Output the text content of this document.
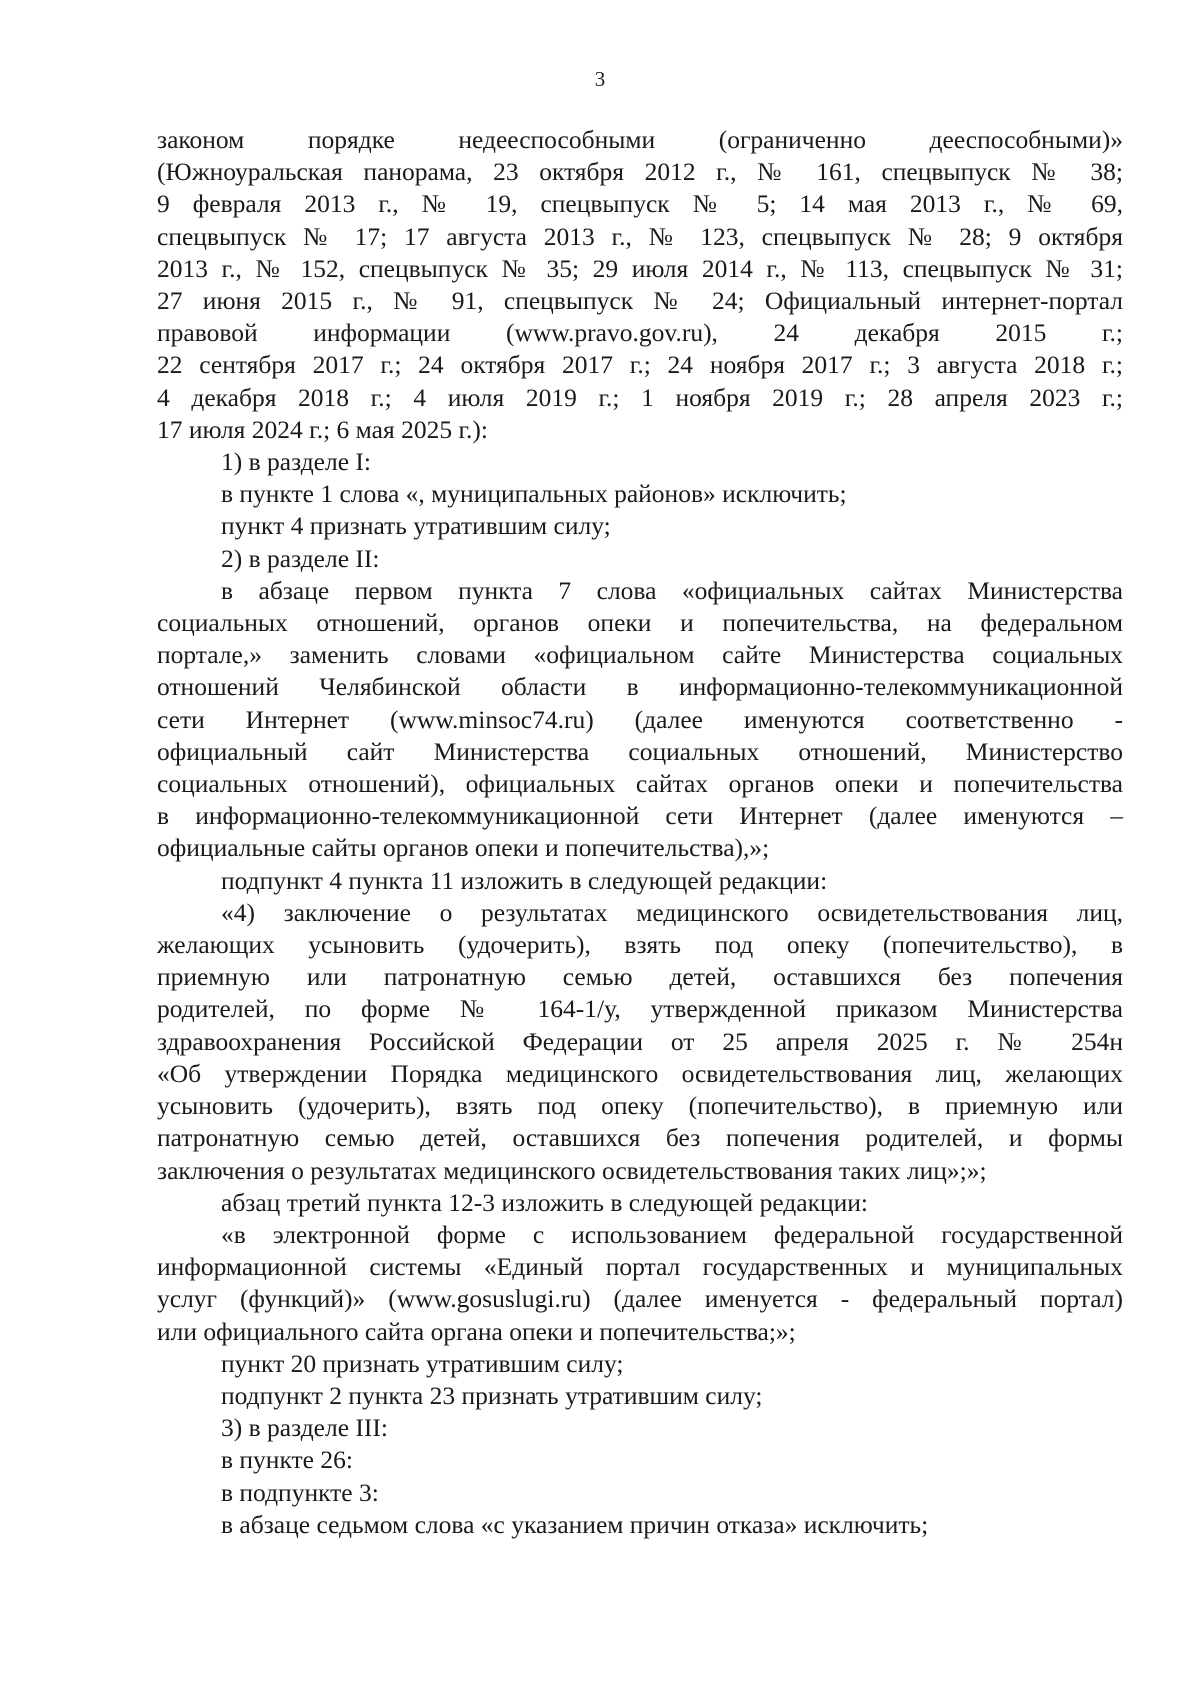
3

законом порядке недееспособными (ограниченно дееспособными)»

(Южноуральская панорама, 23 октября 2012 г., № 161, спецвыпуск № 38;

9 февраля 2013 г., № 19, спецвыпуск № 5; 14 мая 2013 г., № 69,

спецвыпуск № 17; 17 августа 2013 г., № 123, спецвыпуск № 28; 9 октября

2013 г., № 152, спецвыпуск № 35; 29 июля 2014 г., № 113, спецвыпуск № 31;

27 июня 2015 г., № 91, спецвыпуск № 24; Официальный интернет-портал

правовой информации (www.pravo.gov.ru), 24 декабря 2015 г.;

22 сентября 2017 г.; 24 октября 2017 г.; 24 ноября 2017 г.; 3 августа 2018 г.;

4 декабря 2018 г.; 4 июля 2019 г.; 1 ноября 2019 г.; 28 апреля 2023 г.;

17 июля 2024 г.; 6 мая 2025 г.):

1) в разделе I:

в пункте 1 слова «, муниципальных районов» исключить;

пункт 4 признать утратившим силу;

2) в разделе II:

в абзаце первом пункта 7 слова «официальных сайтах Министерства

социальных отношений, органов опеки и попечительства, на федеральном

портале,» заменить словами «официальном сайте Министерства социальных

отношений Челябинской области в информационно-телекоммуникационной

сети Интернет (www.minsoc74.ru) (далее именуются соответственно -

официальный сайт Министерства социальных отношений, Министерство

социальных отношений), официальных сайтах органов опеки и попечительства

в информационно-телекоммуникационной сети Интернет (далее именуются –

официальные сайты органов опеки и попечительства),»;

подпункт 4 пункта 11 изложить в следующей редакции:

«4) заключение о результатах медицинского освидетельствования лиц,

желающих усыновить (удочерить), взять под опеку (попечительство), в

приемную или патронатную семью детей, оставшихся без попечения

родителей, по форме № 164-1/у, утвержденной приказом Министерства

здравоохранения Российской Федерации от 25 апреля 2025 г. № 254н

«Об утверждении Порядка медицинского освидетельствования лиц, желающих

усыновить (удочерить), взять под опеку (попечительство), в приемную или

патронатную семью детей, оставшихся без попечения родителей, и формы

заключения о результатах медицинского освидетельствования таких лиц»;»;

абзац третий пункта 12-3 изложить в следующей редакции:

«в электронной форме с использованием федеральной государственной

информационной системы «Единый портал государственных и муниципальных

услуг (функций)» (www.gosuslugi.ru) (далее именуется - федеральный портал)

или официального сайта органа опеки и попечительства;»;

пункт 20 признать утратившим силу;

подпункт 2 пункта 23 признать утратившим силу;

3) в разделе III:

в пункте 26:

в подпункте 3:

в абзаце седьмом слова «с указанием причин отказа» исключить;
